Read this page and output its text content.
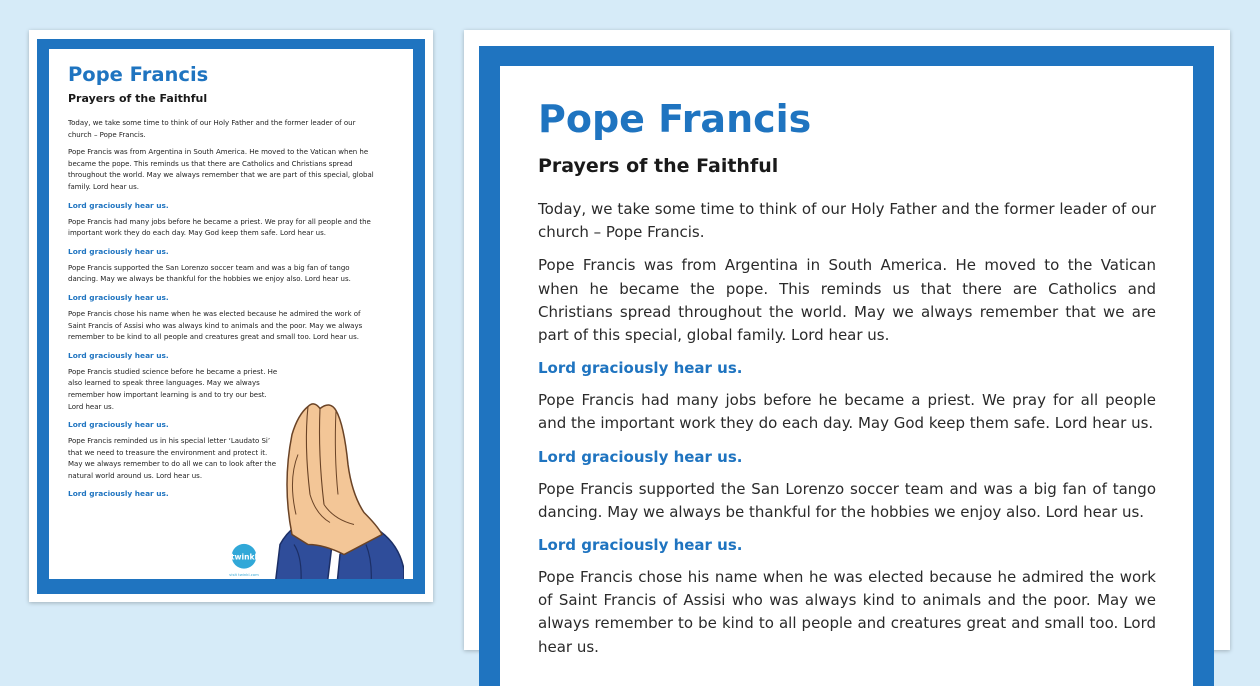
Pope Francis
Prayers of the Faithful
Today, we take some time to think of our Holy Father and the former leader of our church – Pope Francis.
Pope Francis was from Argentina in South America. He moved to the Vatican when he became the pope. This reminds us that there are Catholics and Christians spread throughout the world. May we always remember that we are part of this special, global family. Lord hear us.
Lord graciously hear us.
Pope Francis had many jobs before he became a priest. We pray for all people and the important work they do each day. May God keep them safe. Lord hear us.
Lord graciously hear us.
Pope Francis supported the San Lorenzo soccer team and was a big fan of tango dancing. May we always be thankful for the hobbies we enjoy also. Lord hear us.
Lord graciously hear us.
Pope Francis chose his name when he was elected because he admired the work of Saint Francis of Assisi who was always kind to animals and the poor. May we always remember to be kind to all people and creatures great and small too. Lord hear us.
Lord graciously hear us.
Pope Francis studied science before he became a priest. He also learned to speak three languages. May we always remember how important learning is and to try our best. Lord hear us.
Lord graciously hear us.
Pope Francis reminded us in his special letter ‘Laudato Si’ that we need to treasure the environment and protect it. May we always remember to do all we can to look after the natural world around us. Lord hear us.
Lord graciously hear us.
twinkl
visit twinkl.com
Pope Francis
Prayers of the Faithful
Today, we take some time to think of our Holy Father and the former leader of our church – Pope Francis.
Pope Francis was from Argentina in South America. He moved to the Vatican when he became the pope. This reminds us that there are Catholics and Christians spread throughout the world. May we always remember that we are part of this special, global family. Lord hear us.
Lord graciously hear us.
Pope Francis had many jobs before he became a priest. We pray for all people and the important work they do each day. May God keep them safe. Lord hear us.
Lord graciously hear us.
Pope Francis supported the San Lorenzo soccer team and was a big fan of tango dancing. May we always be thankful for the hobbies we enjoy also. Lord hear us.
Lord graciously hear us.
Pope Francis chose his name when he was elected because he admired the work of Saint Francis of Assisi who was always kind to animals and the poor. May we always remember to be kind to all people and creatures great and small too. Lord hear us.
